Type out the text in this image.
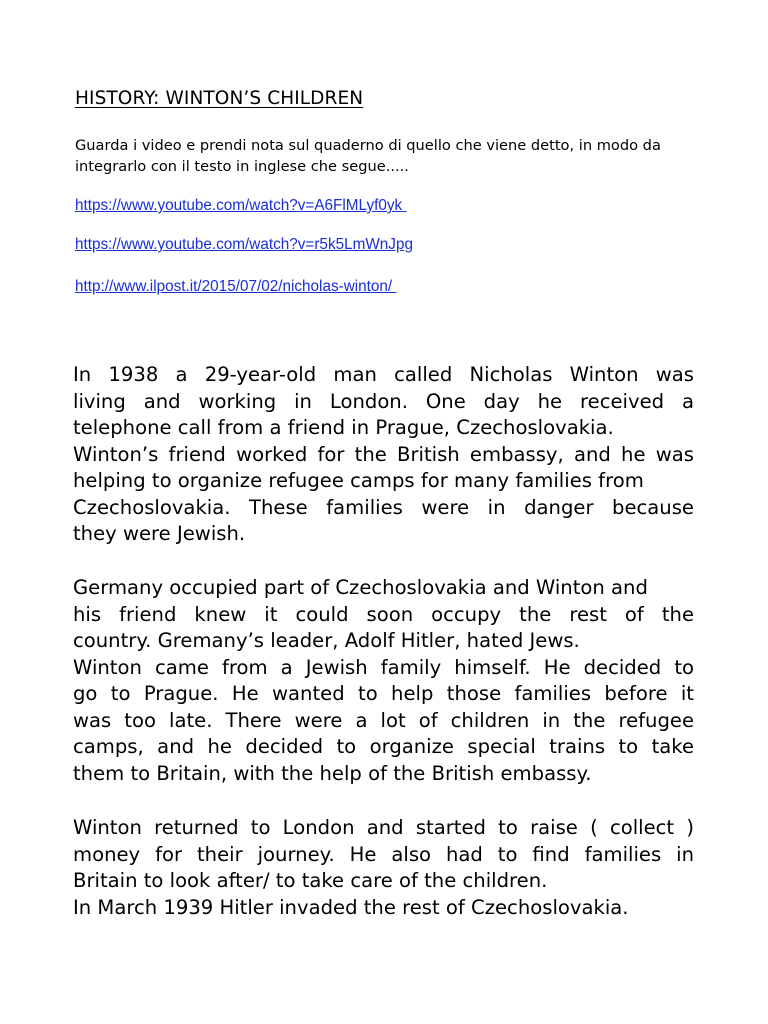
HISTORY: WINTON’S CHILDREN

Guarda i video e prendi nota sul quaderno di quello che viene detto, in modo da integrarlo con il testo in inglese che segue.....

https://www.youtube.com/watch?v=A6FlMLyf0yk
https://www.youtube.com/watch?v=r5k5LmWnJpg
http://www.ilpost.it/2015/07/02/nicholas-winton/
In 1938 a 29-year-old man called Nicholas Winton was
living and working in London. One day he received a
telephone call from a friend in Prague, Czechoslovakia.
Winton’s friend worked for the British embassy, and he was
helping to organize refugee camps for many families from
Czechoslovakia. These families were in danger because
they were Jewish.
Germany occupied part of Czechoslovakia and Winton and
his friend knew it could soon occupy the rest of the
country. Gremany’s leader, Adolf Hitler, hated Jews.
Winton came from a Jewish family himself. He decided to
go to Prague. He wanted to help those families before it
was too late. There were a lot of children in the refugee
camps, and he decided to organize special trains to take
them to Britain, with the help of the British embassy.
Winton returned to London and started to raise ( collect )
money for their journey. He also had to find families in
Britain to look after/ to take care of the children.
In March 1939 Hitler invaded the rest of Czechoslovakia.
